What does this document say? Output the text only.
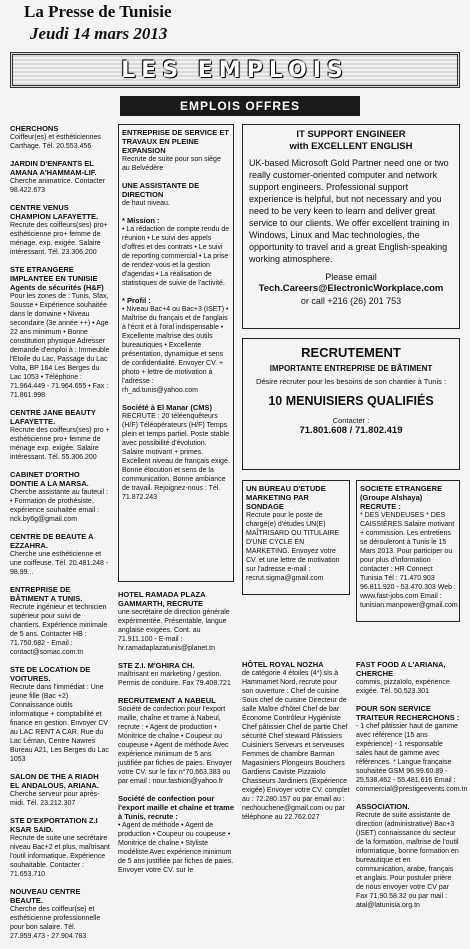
La Presse de Tunisie
Jeudi 14 mars 2013
LES EMPLOIS
EMPLOIS OFFRES
CHERCHONS
Coiffeur(es) et esthéticiennes Carthage. Tél. 20.553.456
JARDIN D'ENFANTS EL AMANA A'HAMMAM-LIF.
Cherche animatrice. Contacter 98.422.673
CENTRE VENUS CHAMPION LAFAYETTE.
Recrute des coiffeurs(ses) pro+ esthéticienne pro+ femme de ménage. exp. exigée. Salaire intéressant. Tél. 23.306.200
STE ETRANGERE IMPLANTEE EN TUNISIE Agents de sécurités (H&F)
Pour les zones de : Tunis, Sfax, Sousse • Expérience souhaitée dans le domaine • Niveau secondaire (3e année ++) • Age 22 ans minimum • Bonne constitution physique Adresser demande d'emploi à : Immeuble l'Etoile du Lac, Passage du Lac Volta, BP 164 Les Berges du Lac 1053 • Téléphone : 71.964.449 - 71.964.655 • Fax : 71.861.998
CENTRE JANE BEAUTY LAFAYETTE.
Recrute des coiffeurs(ses) pro + esthéticienne pro+ femme de ménage exp. exigée. Salaire intéressant. Tél. 55.306.200
CABINET D'ORTHO DONTIE A LA MARSA.
Cherche assistante au fauteuil : • Formation de prothésiste, expérience souhaitée email : nck.by6g@gmail.com
CENTRE DE BEAUTE A EZZAHRA.
Cherche une esthéticienne et une coiffeuse. Tél. 20.481.248 - 98.99...
ENTREPRISE DE BÂTIMENT A TUNIS.
Recrute ingénieur et technicien supérieur pour suivi de chantiers. Expérience minimale de 5 ans. Contacter HB : 71.750.682 - Email : contact@somac.com.tn
STE DE LOCATION DE VOITURES.
Recrute dans l'immédiat : Une jeune fille (Bac +2) Connaissance outils informatique + comptabilité et finance en gestion. Envoyer CV au LAC RENT A CAR. Rue du Lac Léman, Centre Nawres Bureau A21, Les Berges du Lac 1053
SALON DE THE A RIADH EL ANDALOUS, ARIANA.
Cherche serveur pour après-midi. Tél. 23.212.307
STE D'EXPORTATION Z.I KSAR SAID.
Recrute de suite une secrétaire niveau Bac+2 et plus, maîtrisant l'outil informatique. Expérience souhaitable. Contacter : 71.653.710
NOUVEAU CENTRE BEAUTE.
Cherche des coiffeur(se) et esthéticienne professionnelle pour bon salaire. Tél. 27.959.473 - 27.904.783
ENTREPRISE DE SERVICE ET TRAVAUX EN PLEINE EXPANSION
Recrute de suite pour son siège au Belvédère
UNE ASSISTANTE DE DIRECTION
de haut niveau.
* Mission :
• La rédaction de compte rendu de réunion • Le suivi des appels d'offres et des contrats • Le suivi de reporting commercial • La prise de rendez-vous et la gestion d'agendas • La réalisation de statistiques de suivie de l'activité.
* Profil :
• Niveau Bac+4 ou Bac+3 (ISET) • Maîtrise du français et de l'anglais à l'écrit et à l'oral indispensable • Excellente maîtrise des outils bureautiques • Excellente présentation, dynamique et sens de confidentialité. Envoyer CV. + photo + lettre de motivation à l'adresse : rh_ad.tunis@yahoo.com
Société à El Manar (CMS)
RECRUTE : 20 téléenquêteurs (H/F) Téléopérateurs (H/F) Temps plein et temps partiel. Poste stable avec possibilité d'évolution. Salaire motivant + primes. Excellent niveau de français exigé. Bonne élocution et sens de la communication. Bonne ambiance de travail. Rejoignez-nous : Tél. 71.872.243
IT SUPPORT ENGINEER
with EXCELLENT ENGLISH
UK-based Microsoft Gold Partner need one or two really customer-oriented computer and network support engineers. Professional support experience is helpful, but not necessary and you need to be very keen to learn and deliver great service to our clients. We offer excellent training in Windows, Linux and Mac technologies, the opportunity to travel and a great English-speaking working atmosphere.
Please email
Tech.Careers@ElectronicWorkplace.com
or call +216 (26) 201 753
RECRUTEMENT
IMPORTANTE ENTREPRISE DE BÂTIMENT
Désire recruter pour les besoins de son chantier à Tunis :
10 MENUISIERS QUALIFIÉS
Contacter :
71.801.608 / 71.802.419
UN BUREAU D'ETUDE MARKETING PAR SONDAGE
Recrute pour le poste de chargé(e) d'études UN(E) MAÎTRISARD OU TITULAIRE D'UNE CYCLE EN MARKETING. Envoyez votre CV. et une lettre de motivation sur l'adresse e-mail : recrut.sigma@gmail.com
SOCIETE ETRANGERE (Groupe Alshaya) RECRUTE :
* DES VENDEUSES * DES CAISSIÈRES Salaire motivant + commission. Les entretiens se dérouleront à Tunis le 15 Mars 2013. Pour participer ou pour plus d'information contacter : HR Connect Tunisia Tél : 71.470.903 96.811.920 - 53.470.303 Web : www.fast-jobs.com Email : tunisian.manpower@gmail.com
HOTEL RAMADA PLAZA GAMMARTH, RECRUTE
une secrétaire de direction générale expérimentée. Présentable, langue anglaise exigées. Cont. au 71.911.100 - E-mail : hr.ramadaplazatunis@planet.tn
STE Z.I. M'GHIRA CH.
maîtrisant en marketing / gestion. Permis de conduire. Fax 79.408.721
RECRUTEMENT A NABEUL
Société de confection pour l'export maille, chaîne et trame à Nabeul, recrute : • Agent de production • Monitrice de chaîne • Coupeur ou coupeuse • Agent de méthode Avec expérience minimum de 5 ans justifiée par fiches de paies. Envoyer votre CV. sur le fax n°70.663.383 ou par email : nour.fashion@yahoo.fr
Société de confection pour l'export maille et chaîne et trame à Tunis, recrute :
• Agent de méthode • Agent de production • Coupeur ou coupeuse • Monitrice de chaîne • Styliste modéliste Avec expérience minimum de 5 ans justifiée par fiches de paies. Envoyer votre CV. sur le
HÔTEL ROYAL NOZHA
de catégorie 4 étoiles (4*) sis à Hammamet Nord, recrute pour son ouverture : Chef de cuisine Sous chef de cuisine Directeur de salle Maître d'hôtel Chef de bar Économe Contrôleur Hygiéniste Chef pâtissier Chef de partie Chef sécurité Chef steward Pâtissiers Cuisiniers Serveurs et serveuses Femmes de chambre Barman Magasiniers Plongeurs Bouchers Gardiens Caviste Pizzaiolo Chasseurs Jardiniers (Expérience exigée) Envoyer votre CV. complet au : 72.280.157 ou par email au : nechouchene@gmail.com ou par téléphone au 22.762.027
FAST FOOD A L'ARIANA, CHERCHE
commis, pizzaïolo, expérience exigée. Tél. 50.523.301
POUR SON SERVICE TRAITEUR RECHERCHONS :
- 1 chef pâtissier haut de gamme avec référence (15 ans expérience) - 1 responsable sales haut de gamme avec références. * Langue française souhaitée GSM 96.99.60.89 - 25.538.462 - 55.481.616 Email : commercial@prestigeevents.com.tn
ASSOCIATION.
Recrute de suite assistante de direction (administrative) Bac+3 (ISET) connaissance du secteur de la formation, maîtrise de l'outil informatique, bonne formation en bureautique et en communication, arabe, français et anglais. Pour postuler prière de nous envoyer votre CV par Fax 71.90.58.32 ou par mail : atal@latunisia.org.tn
